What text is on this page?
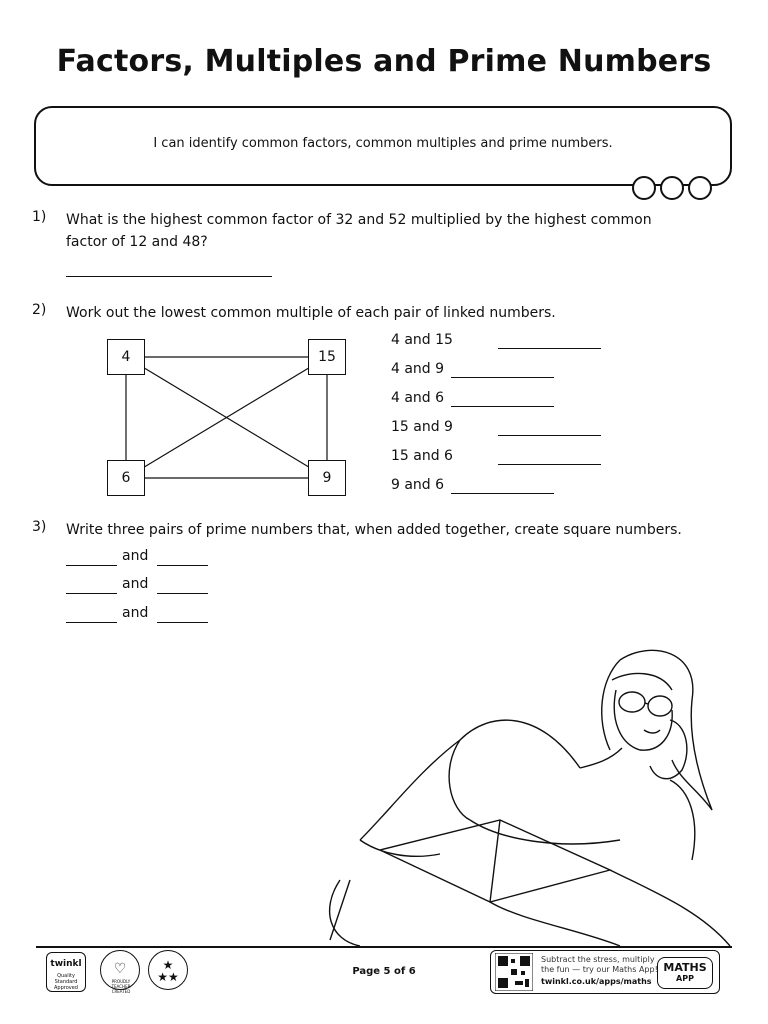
Factors, Multiples and Prime Numbers
I can identify common factors, common multiples and prime numbers.
1) What is the highest common factor of 32 and 52 multiplied by the highest common
factor of 12 and 48?
2) Work out the lowest common multiple of each pair of linked numbers.
4	15
6	9
4 and 15
4 and 9
4 and 6
15 and 9
15 and 6
9 and 6
3) Write three pairs of prime numbers that, when added together, create square numbers.
and
and
and
twinkl
Quality Standard Approved
♡
PROUDLY TEACHER CREATED
★
★★	Page 5 of 6
Subtract the stress, multiply
the fun — try our Maths App!
twinkl.co.uk/apps/maths
MATHS
APP
